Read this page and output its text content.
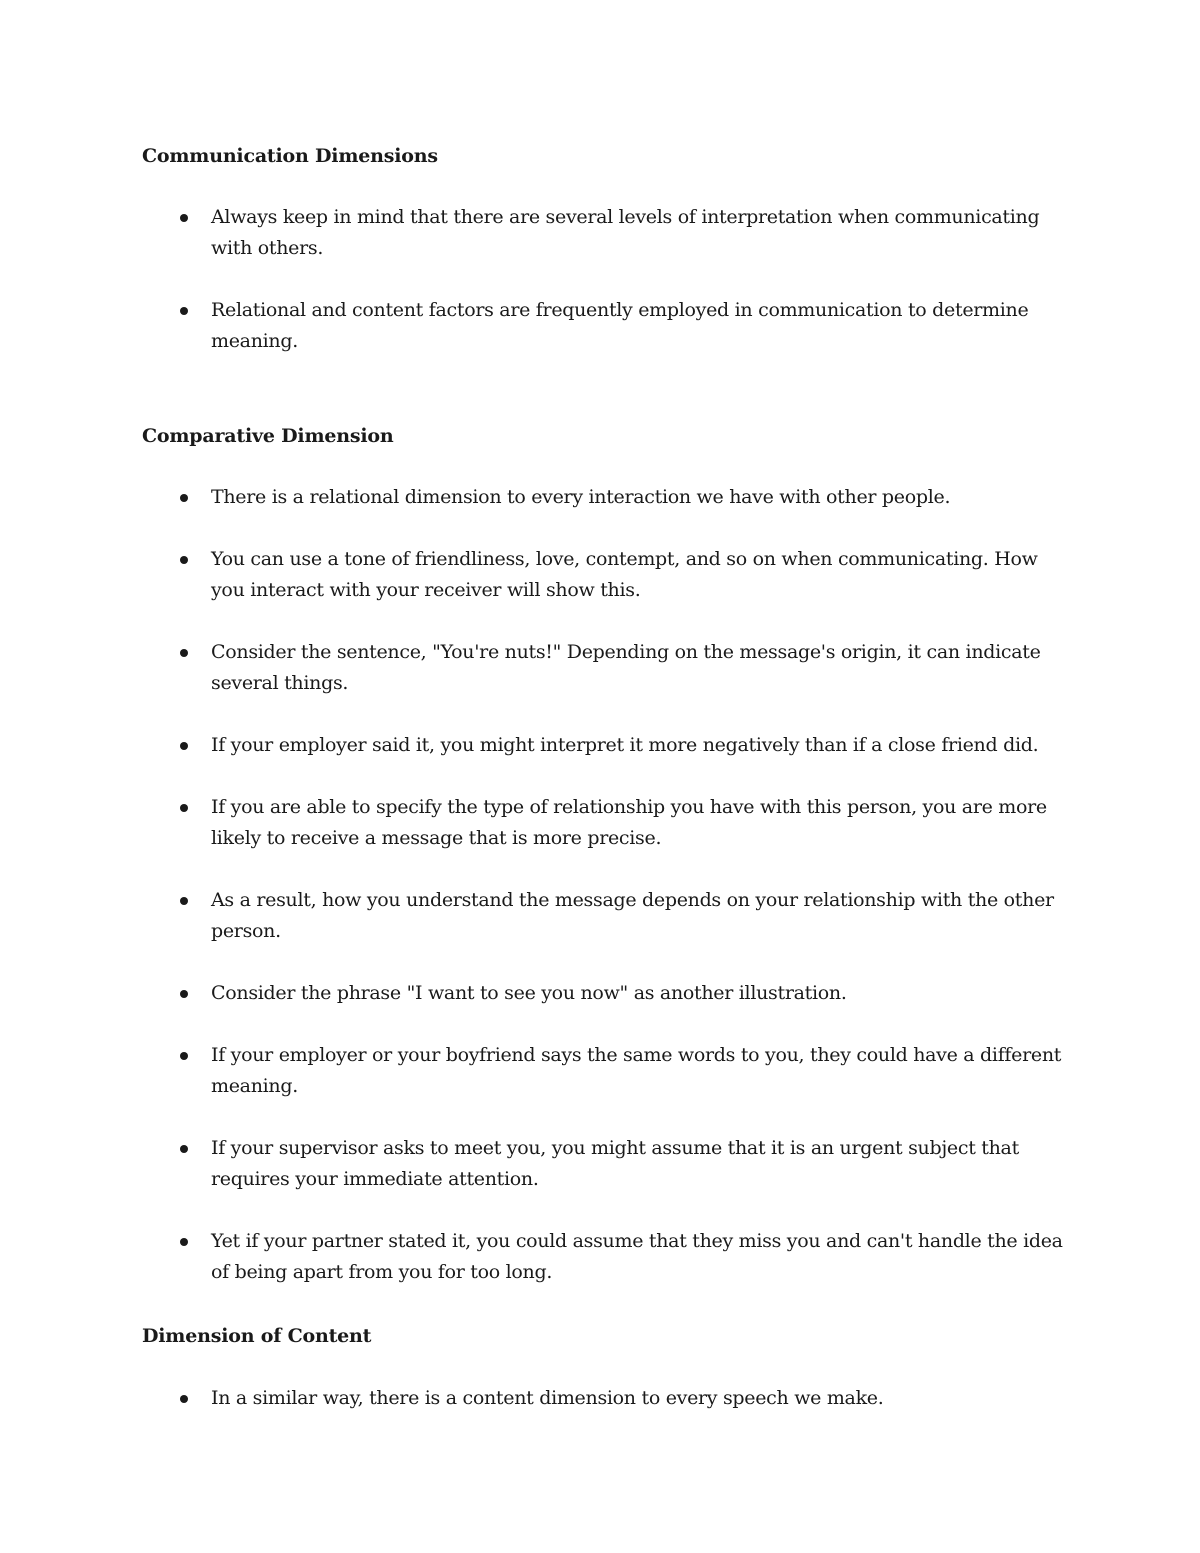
Communication Dimensions
Always keep in mind that there are several levels of interpretation when communicating with others.
Relational and content factors are frequently employed in communication to determine meaning.
Comparative Dimension
There is a relational dimension to every interaction we have with other people.
You can use a tone of friendliness, love, contempt, and so on when communicating. How you interact with your receiver will show this.
Consider the sentence, "You're nuts!" Depending on the message's origin, it can indicate several things.
If your employer said it, you might interpret it more negatively than if a close friend did.
If you are able to specify the type of relationship you have with this person, you are more likely to receive a message that is more precise.
As a result, how you understand the message depends on your relationship with the other person.
Consider the phrase "I want to see you now" as another illustration.
If your employer or your boyfriend says the same words to you, they could have a different meaning.
If your supervisor asks to meet you, you might assume that it is an urgent subject that requires your immediate attention.
Yet if your partner stated it, you could assume that they miss you and can't handle the idea of being apart from you for too long.
Dimension of Content
In a similar way, there is a content dimension to every speech we make.
